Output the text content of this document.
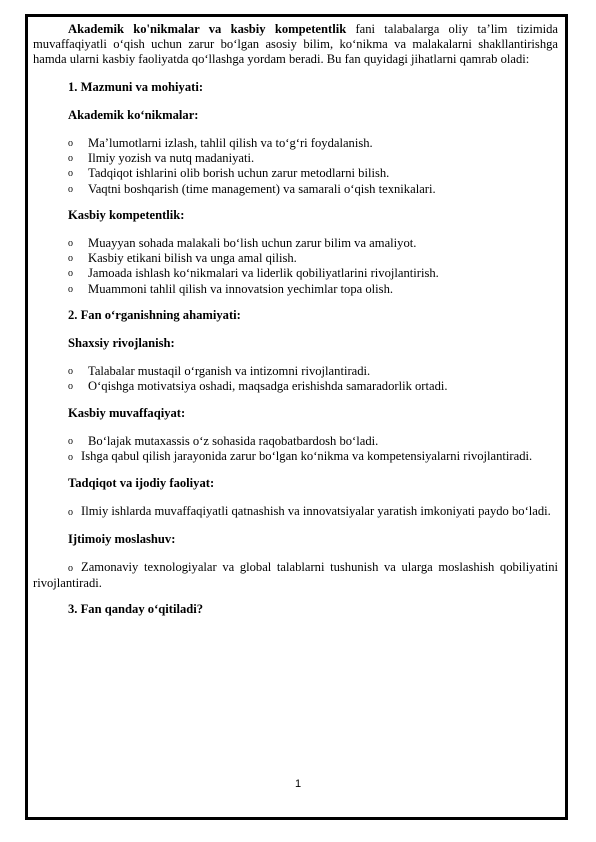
Akademik ko'nikmalar va kasbiy kompetentlik fani talabalarga oliy ta’lim tizimida muvaffaqiyatli o‘qish uchun zarur bo‘lgan asosiy bilim, ko‘nikma va malakalarni shakllantirishga hamda ularni kasbiy faoliyatda qo‘llashga yordam beradi. Bu fan quyidagi jihatlarni qamrab oladi:

1. Mazmuni va mohiyati:

Akademik ko‘nikmalar:

o Ma’lumotlarni izlash, tahlil qilish va to‘g‘ri foydalanish.
o Ilmiy yozish va nutq madaniyati.
o Tadqiqot ishlarini olib borish uchun zarur metodlarni bilish.
o Vaqtni boshqarish (time management) va samarali o‘qish texnikalari.

Kasbiy kompetentlik:

o Muayyan sohada malakali bo‘lish uchun zarur bilim va amaliyot.
o Kasbiy etikani bilish va unga amal qilish.
o Jamoada ishlash ko‘nikmalari va liderlik qobiliyatlarini rivojlantirish.
o Muammoni tahlil qilish va innovatsion yechimlar topa olish.

2. Fan o‘rganishning ahamiyati:

Shaxsiy rivojlanish:

o Talabalar mustaqil o‘rganish va intizomni rivojlantiradi.
o O‘qishga motivatsiya oshadi, maqsadga erishishda samaradorlik ortadi.

Kasbiy muvaffaqiyat:

o Bo‘lajak mutaxassis o‘z sohasida raqobatbardosh bo‘ladi.

o Ishga qabul qilish jarayonida zarur bo‘lgan ko‘nikma va kompetensiyalarni rivojlantiradi.

Tadqiqot va ijodiy faoliyat:

o Ilmiy ishlarda muvaffaqiyatli qatnashish va innovatsiyalar yaratish imkoniyati paydo bo‘ladi.

Ijtimoiy moslashuv:

o Zamonaviy texnologiyalar va global talablarni tushunish va ularga moslashish qobiliyatini rivojlantiradi.

3. Fan qanday o‘qitiladi?

1
